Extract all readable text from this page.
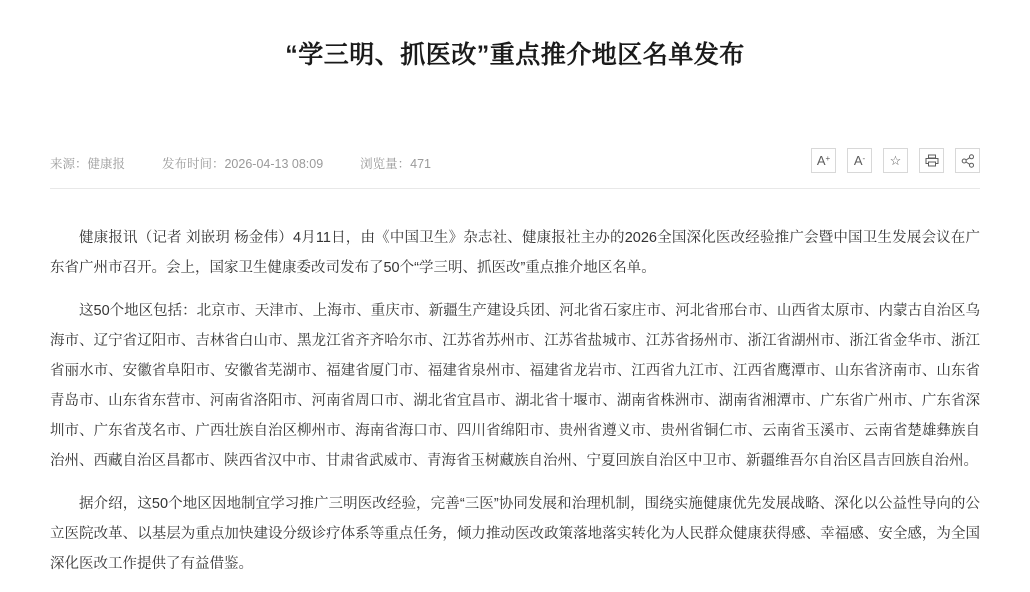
“学三明、抓医改”重点推介地区名单发布
来源：健康报	发布时间：2026-04-13 08:09	浏览量：471	A+ A- ☆

健康报讯（记者 刘嵌玥 杨金伟）4月11日，由《中国卫生》杂志社、健康报社主办的2026全国深化医改经验推广会暨中国卫生发展会议在广东省广州市召开。会上，国家卫生健康委改司发布了50个“学三明、抓医改”重点推介地区名单。

这50个地区包括：北京市、天津市、上海市、重庆市、新疆生产建设兵团、河北省石家庄市、河北省邢台市、山西省太原市、内蒙古自治区乌海市、辽宁省辽阳市、吉林省白山市、黑龙江省齐齐哈尔市、江苏省苏州市、江苏省盐城市、江苏省扬州市、浙江省湖州市、浙江省金华市、浙江省丽水市、安徽省阜阳市、安徽省芜湖市、福建省厦门市、福建省泉州市、福建省龙岩市、江西省九江市、江西省鹰潭市、山东省济南市、山东省青岛市、山东省东营市、河南省洛阳市、河南省周口市、湖北省宜昌市、湖北省十堰市、湖南省株洲市、湖南省湘潭市、广东省广州市、广东省深圳市、广东省茂名市、广西壮族自治区柳州市、海南省海口市、四川省绵阳市、贵州省遵义市、贵州省铜仁市、云南省玉溪市、云南省楚雄彝族自治州、西藏自治区昌都市、陕西省汉中市、甘肃省武威市、青海省玉树藏族自治州、宁夏回族自治区中卫市、新疆维吾尔自治区昌吉回族自治州。

据介绍，这50个地区因地制宜学习推广三明医改经验，完善“三医”协同发展和治理机制，围绕实施健康优先发展战略、深化以公益性导向的公立医院改革、以基层为重点加快建设分级诊疗体系等重点任务，倾力推动医改政策落地落实转化为人民群众健康获得感、幸福感、安全感，为全国深化医改工作提供了有益借鉴。
